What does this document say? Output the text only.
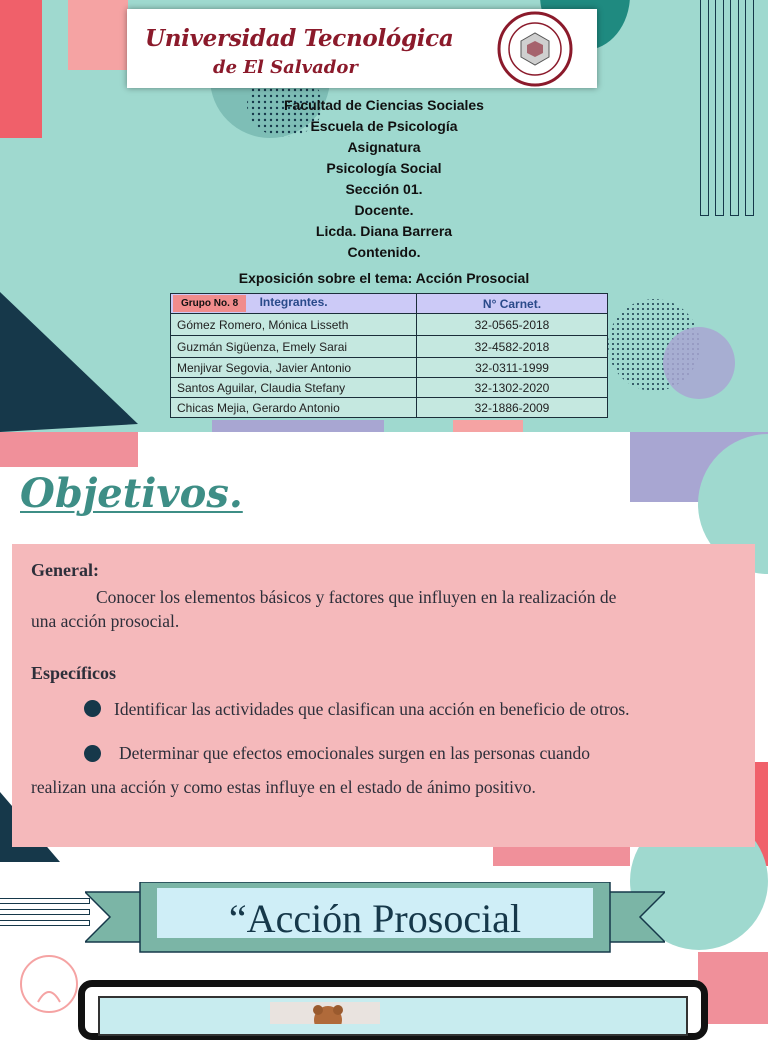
Universidad Tecnológica
de El Salvador
Facultad de Ciencias Sociales
Escuela de Psicología
Asignatura
Psicología Social
Sección 01.
Docente.
Licda. Diana Barrera
Contenido.
Exposición sobre el tema: Acción Prosocial
Grupo No. 8 Integrantes.	N° Carnet.
Gómez Romero, Mónica Lisseth	32-0565-2018
Guzmán Sigüenza, Emely Sarai	32-4582-2018
Menjivar Segovia, Javier Antonio	32-0311-1999
Santos Aguilar, Claudia Stefany	32-1302-2020
Chicas Mejia, Gerardo Antonio	32-1886-2009
Objetivos.
General:
Conocer los elementos básicos y factores que influyen en la realización de
una acción prosocial.
Específicos
Identificar las actividades que clasifican una acción en beneficio de otros.
Determinar que efectos emocionales surgen en las personas cuando
realizan una acción y como estas influye en el estado de ánimo positivo.
“Acción Prosocial
